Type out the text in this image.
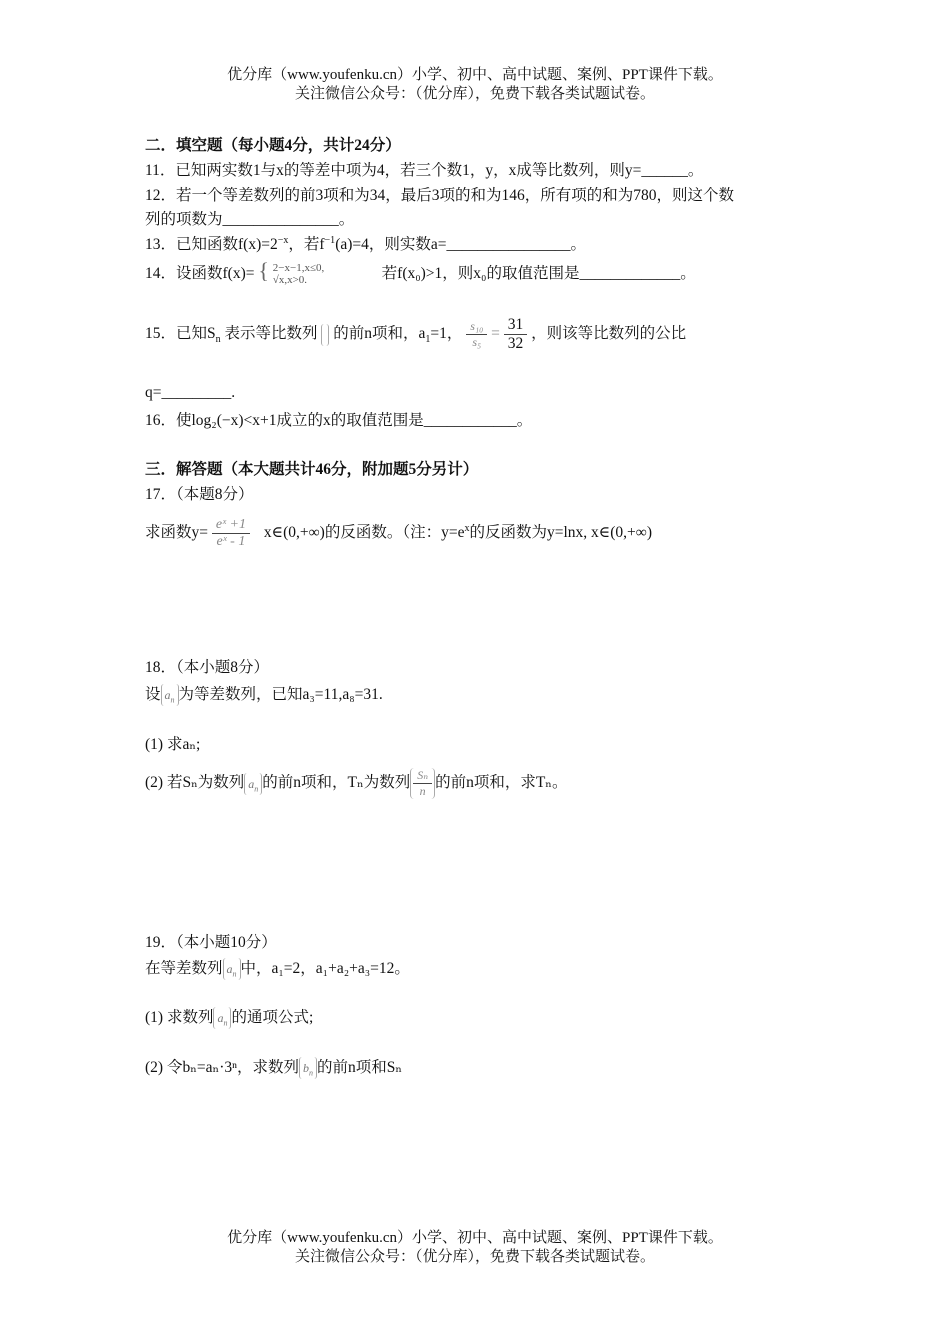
优分库（www.youfenku.cn）小学、初中、高中试题、案例、PPT课件下载。
关注微信公众号：（优分库），免费下载各类试题试卷。
二．填空题（每小题4分，共计24分）
11．已知两实数1与x的等差中项为4，若三个数1，y，x成等比数列，则y=______。
12．若一个等差数列的前3项和为34，最后3项的和为146，所有项的和为780，则这个数
列的项数为_______________。
13．已知函数$f(x)=2^{-x}$，若$f^{-1}(a)=4$，则实数a=________________。
14．设函数f(x)= { 2−x−1,x≤0,
√x,x>0.	若f(x₀)>1，则x₀的取值范围是_____________。
15．已知$S_n$ 表示等比数列 的前n项和，$a_1=1$， $\frac{\text{s₁₀}}{\text{s₅}} = \frac{31}{32}$ ，则该等比数列的公比
q=_________.
16．使log₂(−x)<x+1成立的x的取值范围是____________。
三．解答题（本大题共计46分，附加题5分另计）
17．（本题8分）
求函数$y= \frac{\text{eˣ +1}}{\text{eˣ - 1}}$ x∈(0,+∞)的反函数。（注：$y=e^x$的反函数为y=lnx, x∈(0,+∞)
18．（本小题8分）
设 $a_n$ 为等差数列，已知a₃=11,a₈=31.
(1) 求aₙ;
(2) 若Sₙ为数列 $a_n$ 的前n项和，Tₙ为数列 $\frac{\text{Sₙ}}{n}$ 的前n项和，求Tₙ。
19．（本小题10分）
在等差数列 $a_n$ 中，a₁=2，a₁+a₂+a₃=12。
(1) 求数列 $a_n$ 的通项公式;
(2) 令bₙ=aₙ·3ⁿ，求数列 $b_n$ 的前n项和Sₙ
优分库（www.youfenku.cn）小学、初中、高中试题、案例、PPT课件下载。
关注微信公众号：（优分库），免费下载各类试题试卷。
